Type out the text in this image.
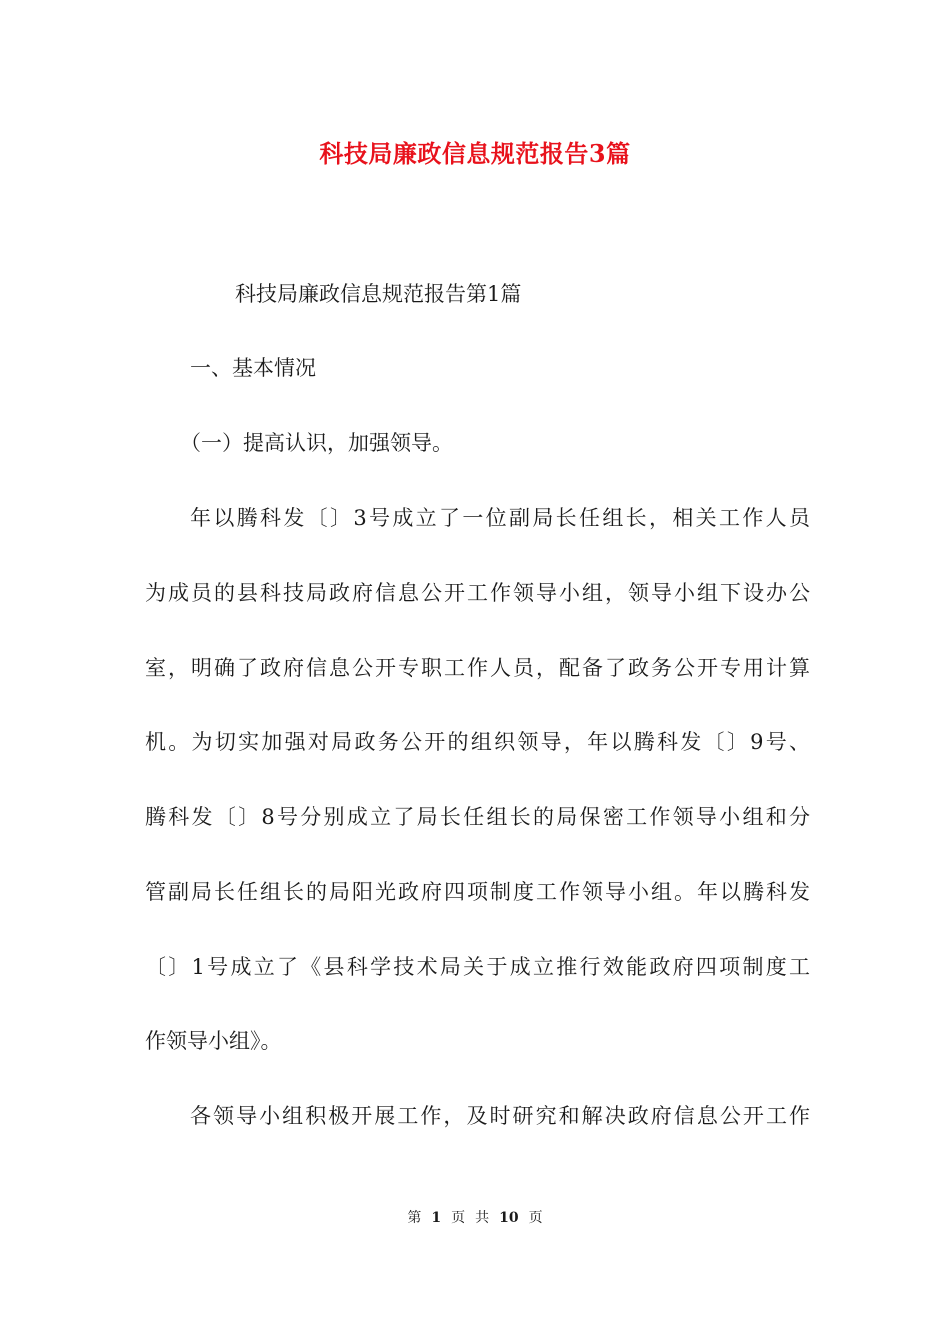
科技局廉政信息规范报告3篇

科技局廉政信息规范报告第1篇

一、基本情况

（一）提高认识，加强领导。

年以腾科发〔〕3号成立了一位副局长任组长，相关工作人员

为成员的县科技局政府信息公开工作领导小组，领导小组下设办公

室，明确了政府信息公开专职工作人员，配备了政务公开专用计算

机。为切实加强对局政务公开的组织领导，年以腾科发〔〕9号、

腾科发〔〕8号分别成立了局长任组长的局保密工作领导小组和分

管副局长任组长的局阳光政府四项制度工作领导小组。年以腾科发

〔〕1号成立了《县科学技术局关于成立推行效能政府四项制度工

作领导小组》。

各领导小组积极开展工作，及时研究和解决政府信息公开工作

第 1 页 共 10 页
